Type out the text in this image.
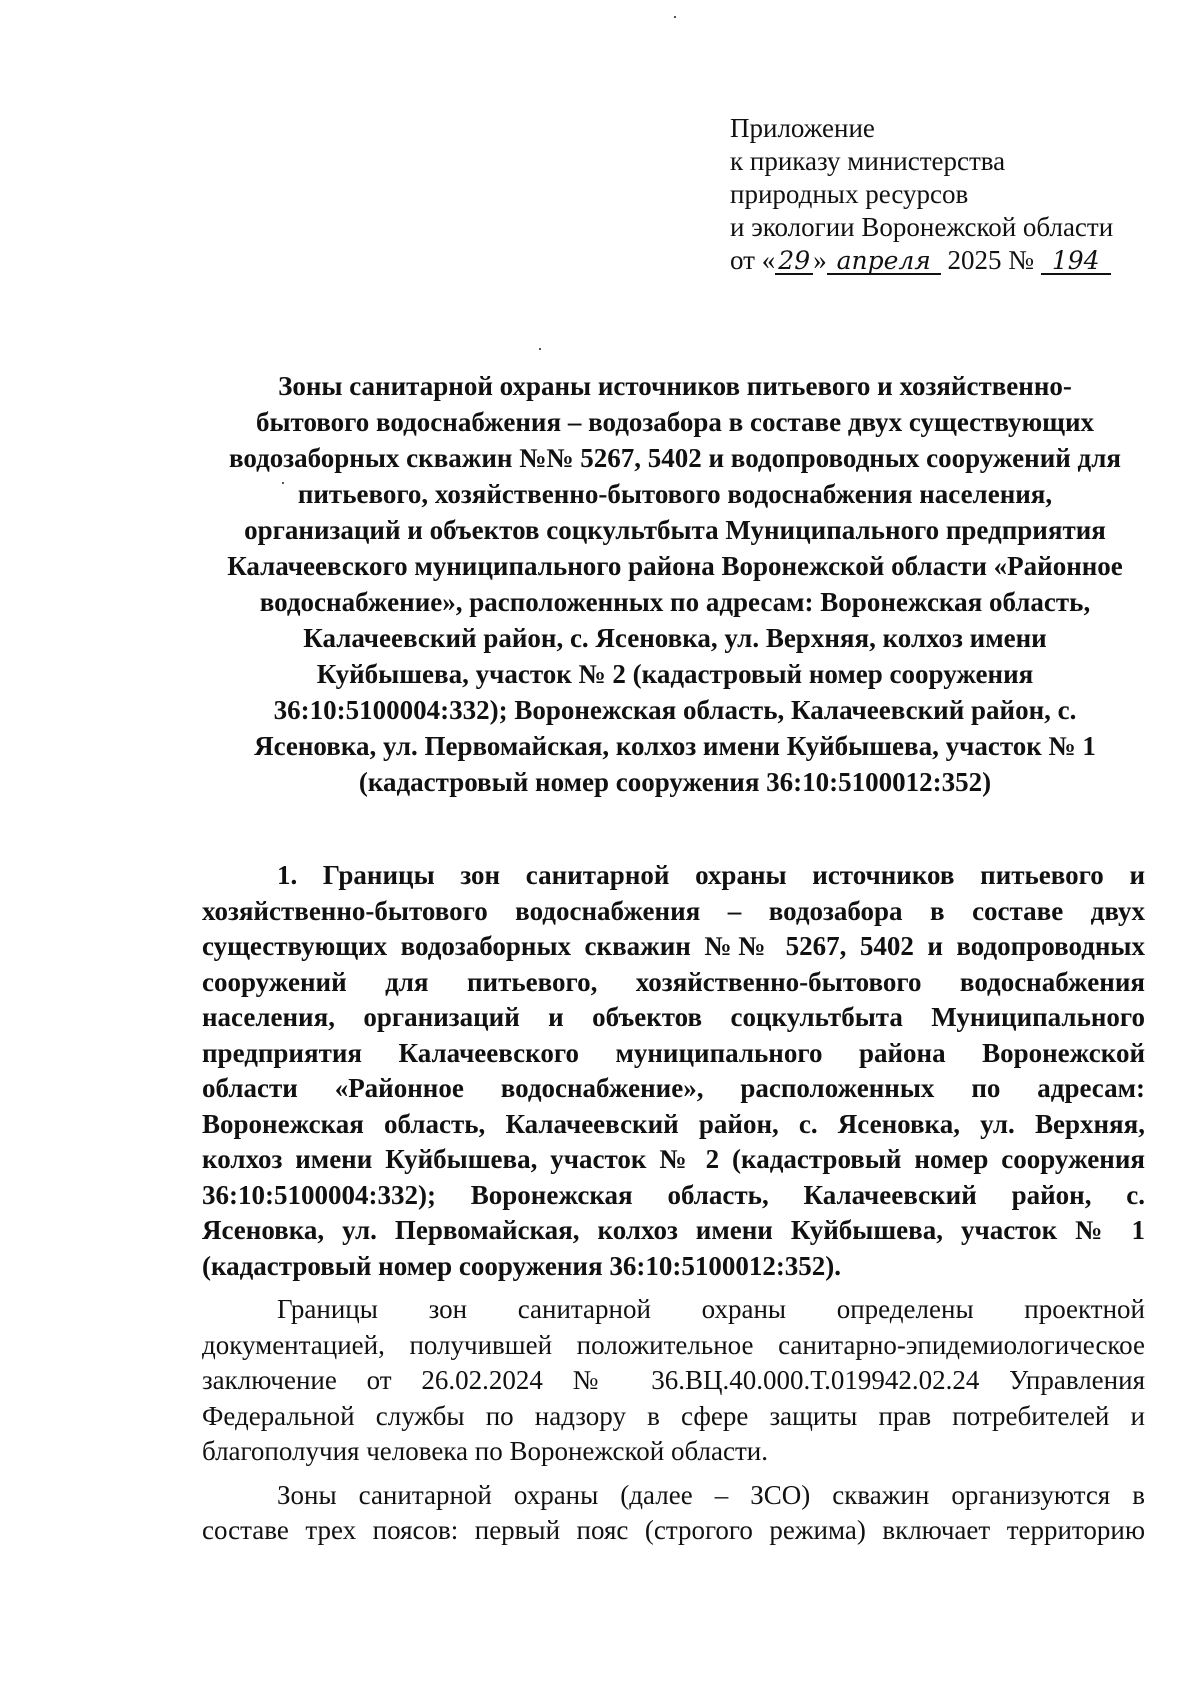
Приложение
к приказу министерства
природных ресурсов
и экологии Воронежской области
от « 29 » апреля 2025 № 194
Зоны санитарной охраны источников питьевого и хозяйственно-
бытового водоснабжения – водозабора в составе двух существующих
водозаборных скважин №№ 5267, 5402 и водопроводных сооружений для
питьевого, хозяйственно-бытового водоснабжения населения,
организаций и объектов соцкультбыта Муниципального предприятия
Калачеевского муниципального района Воронежской области «Районное
водоснабжение», расположенных по адресам: Воронежская область,
Калачеевский район, с. Ясеновка, ул. Верхняя, колхоз имени
Куйбышева, участок № 2 (кадастровый номер сооружения
36:10:5100004:332); Воронежская область, Калачеевский район, с.
Ясеновка, ул. Первомайская, колхоз имени Куйбышева, участок № 1
(кадастровый номер сооружения 36:10:5100012:352)

1. Границы зон санитарной охраны источников питьевого и
хозяйственно-бытового водоснабжения – водозабора в составе двух
существующих водозаборных скважин №№ 5267, 5402 и водопроводных
сооружений для питьевого, хозяйственно-бытового водоснабжения
населения, организаций и объектов соцкультбыта Муниципального
предприятия Калачеевского муниципального района Воронежской
области «Районное водоснабжение», расположенных по адресам:
Воронежская область, Калачеевский район, с. Ясеновка, ул. Верхняя,
колхоз имени Куйбышева, участок № 2 (кадастровый номер сооружения
36:10:5100004:332); Воронежская область, Калачеевский район, с.
Ясеновка, ул. Первомайская, колхоз имени Куйбышева, участок № 1
(кадастровый номер сооружения 36:10:5100012:352).

Границы зон санитарной охраны определены проектной
документацией, получившей положительное санитарно-эпидемиологическое
заключение от 26.02.2024 № 36.ВЦ.40.000.Т.019942.02.24 Управления
Федеральной службы по надзору в сфере защиты прав потребителей и
благополучия человека по Воронежской области.

Зоны санитарной охраны (далее – ЗСО) скважин организуются в
составе трех поясов: первый пояс (строгого режима) включает территорию
